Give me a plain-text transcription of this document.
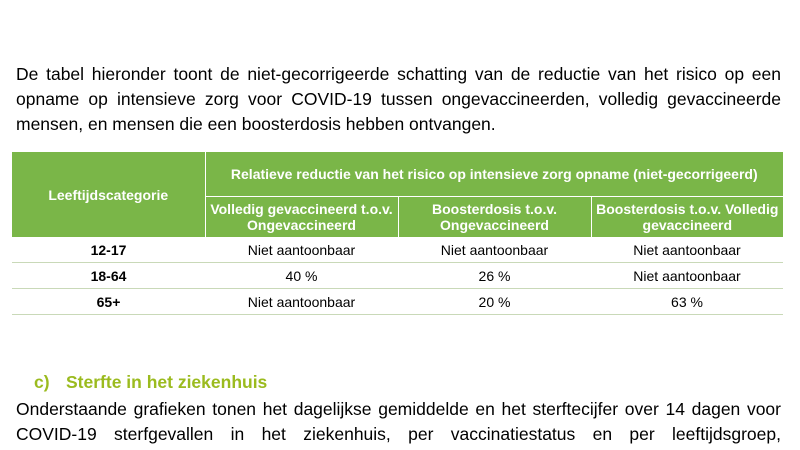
De tabel hieronder toont de niet-gecorrigeerde schatting van de reductie van het risico op een opname op intensieve zorg voor COVID-19 tussen ongevaccineerden, volledig gevaccineerde mensen, en mensen die een boosterdosis hebben ontvangen.

Leeftijdscategorie	Relatieve reductie van het risico op intensieve zorg opname (niet-gecorrigeerd)		
	Volledig gevaccineerd t.o.v. Ongevaccineerd	Boosterdosis t.o.v. Ongevaccineerd	Boosterdosis t.o.v. Volledig gevaccineerd
12-17	Niet aantoonbaar	Niet aantoonbaar	Niet aantoonbaar
18-64	40 %	26 %	Niet aantoonbaar
65+	Niet aantoonbaar	20 %	63 %
c) Sterfte in het ziekenhuis

Onderstaande grafieken tonen het dagelijkse gemiddelde en het sterftecijfer over 14 dagen voor COVID-19 sterfgevallen in het ziekenhuis, per vaccinatiestatus en per leeftijdsgroep,
